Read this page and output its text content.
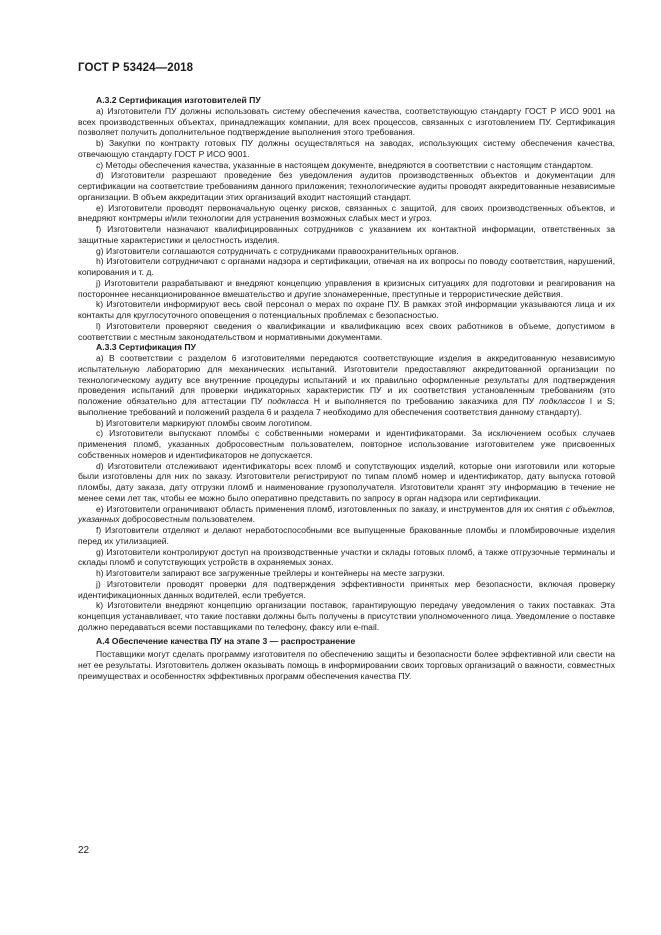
ГОСТ Р 53424—2018

А.3.2 Сертификация изготовителей ПУ

а) Изготовители ПУ должны использовать систему обеспечения качества, соответствующую стандарту ГОСТ Р ИСО 9001 на всех производственных объектах, принадлежащих компании, для всех процессов, связанных с изготовлением ПУ. Сертификация позволяет получить дополнительное подтверждение выполнения этого требования.

b) Закупки по контракту готовых ПУ должны осуществляться на заводах, использующих систему обеспечения качества, отвечающую стандарту ГОСТ Р ИСО 9001.

с) Методы обеспечения качества, указанные в настоящем документе, внедряются в соответствии с настоящим стандартом.

d) Изготовители разрешают проведение без уведомления аудитов производственных объектов и документации для сертификации на соответствие требованиям данного приложения; технологические аудиты проводят аккредитованные независимые организации. В объем аккредитации этих организаций входит настоящий стандарт.

е) Изготовители проводят первоначальную оценку рисков, связанных с защитой, для своих производственных объектов, и внедряют контрмеры и/или технологии для устранения возможных слабых мест и угроз.

f) Изготовители назначают квалифицированных сотрудников с указанием их контактной информации, ответственных за защитные характеристики и целостность изделия.

g) Изготовители соглашаются сотрудничать с сотрудниками правоохранительных органов.

h) Изготовители сотрудничают с органами надзора и сертификации, отвечая на их вопросы по поводу соответствия, нарушений, копирования и т. д.

j) Изготовители разрабатывают и внедряют концепцию управления в кризисных ситуациях для подготовки и реагирования на постороннее несанкционированное вмешательство и другие злонамеренные, преступные и террористические действия.

k) Изготовители информируют весь свой персонал о мерах по охране ПУ. В рамках этой информации указываются лица и их контакты для круглосуточного оповещения о потенциальных проблемах с безопасностью.

l) Изготовители проверяют сведения о квалификации и квалификацию всех своих работников в объеме, допустимом в соответствии с местным законодательством и нормативными документами.

А.3.3 Сертификация ПУ

а) В соответствии с разделом 6 изготовителями передаются соответствующие изделия в аккредитованную независимую испытательную лабораторию для механических испытаний. Изготовители предоставляют аккредитованной организации по технологическому аудиту все внутренние процедуры испытаний и их правильно оформленные результаты для подтверждения проведения испытаний для проверки индикаторных характеристик ПУ и их соответствия установленным требованиям (это положение обязательно для аттестации ПУ подкласса Н и выполняется по требованию заказчика для ПУ подклассов I и S; выполнение требований и положений раздела 6 и раздела 7 необходимо для обеспечения соответствия данному стандарту).

b) Изготовители маркируют пломбы своим логотипом.

с) Изготовители выпускают пломбы с собственными номерами и идентификаторами. За исключением особых случаев применения пломб, указанных добросовестным пользователем, повторное использование изготовителем уже присвоенных собственных номеров и идентификаторов не допускается.

d) Изготовители отслеживают идентификаторы всех пломб и сопутствующих изделий, которые они изготовили или которые были изготовлены для них по заказу. Изготовители регистрируют по типам пломб номер и идентификатор, дату выпуска готовой пломбы, дату заказа, дату отгрузки пломб и наименование грузополучателя. Изготовители хранят эту информацию в течение не менее семи лет так, чтобы ее можно было оперативно представить по запросу в орган надзора или сертификации.

е) Изготовители ограничивают область применения пломб, изготовленных по заказу, и инструментов для их снятия с объектов, указанных добросовестным пользователем.

f) Изготовители отделяют и делают неработоспособными все выпущенные бракованные пломбы и пломбировочные изделия перед их утилизацией.

g) Изготовители контролируют доступ на производственные участки и склады готовых пломб, а также отгрузочные терминалы и склады пломб и сопутствующих устройств в охраняемых зонах.

h) Изготовители запирают все загруженные трейлеры и контейнеры на месте загрузки.

j) Изготовители проводят проверки для подтверждения эффективности принятых мер безопасности, включая проверку идентификационных данных водителей, если требуется.

k) Изготовители внедряют концепцию организации поставок, гарантирующую передачу уведомления о таких поставках. Эта концепция устанавливает, что такие поставки должны быть получены в присутствии уполномоченного лица. Уведомление о поставке должно передаваться всеми поставщиками по телефону, факсу или e-mail.

А.4 Обеспечение качества ПУ на этапе 3 — распространение

Поставщики могут сделать программу изготовителя по обеспечению защиты и безопасности более эффективной или свести на нет ее результаты. Изготовитель должен оказывать помощь в информировании своих торговых организаций о важности, совместных преимуществах и особенностях эффективных программ обеспечения качества ПУ.

22
